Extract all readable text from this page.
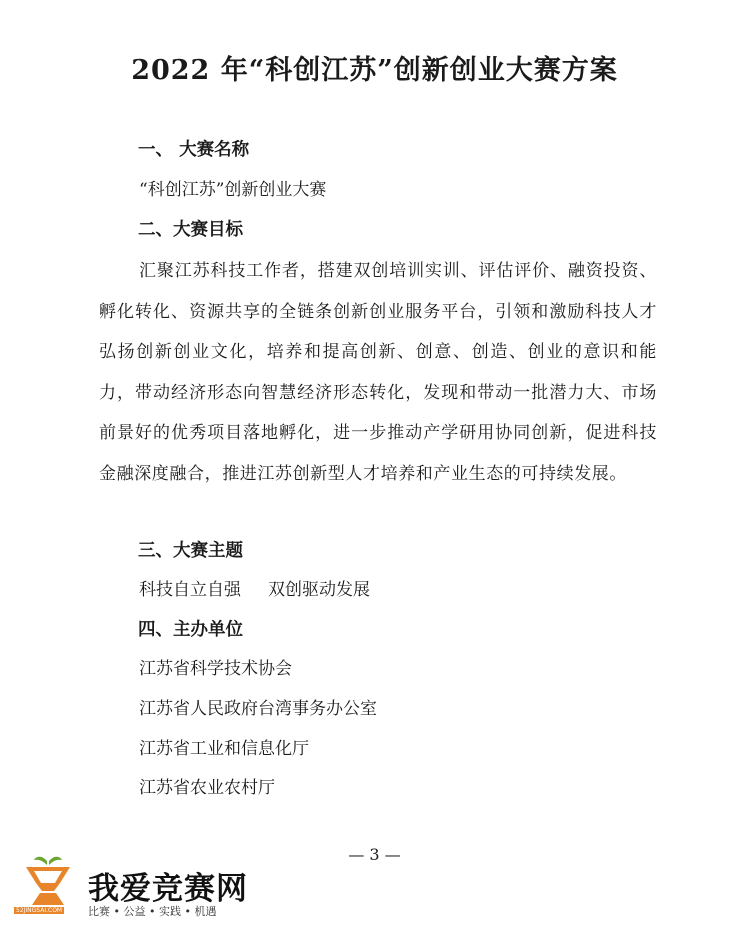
2022 年“科创江苏”创新创业大赛方案
一、 大赛名称
“科创江苏”创新创业大赛
二、大赛目标
汇聚江苏科技工作者，搭建双创培训实训、评估评价、融资投资、孵化转化、资源共享的全链条创新创业服务平台，引领和激励科技人才弘扬创新创业文化，培养和提高创新、创意、创造、创业的意识和能力，带动经济形态向智慧经济形态转化，发现和带动一批潜力大、市场前景好的优秀项目落地孵化，进一步推动产学研用协同创新，促进科技金融深度融合，推进江苏创新型人才培养和产业生态的可持续发展。
三、大赛主题
科技自立自强     双创驱动发展
四、主办单位
江苏省科学技术协会
江苏省人民政府台湾事务办公室
江苏省工业和信息化厅
江苏省农业农村厅
— 3 —
52JINGSAI.COM
我爱竞赛网
比赛 • 公益 • 实践 • 机遇
